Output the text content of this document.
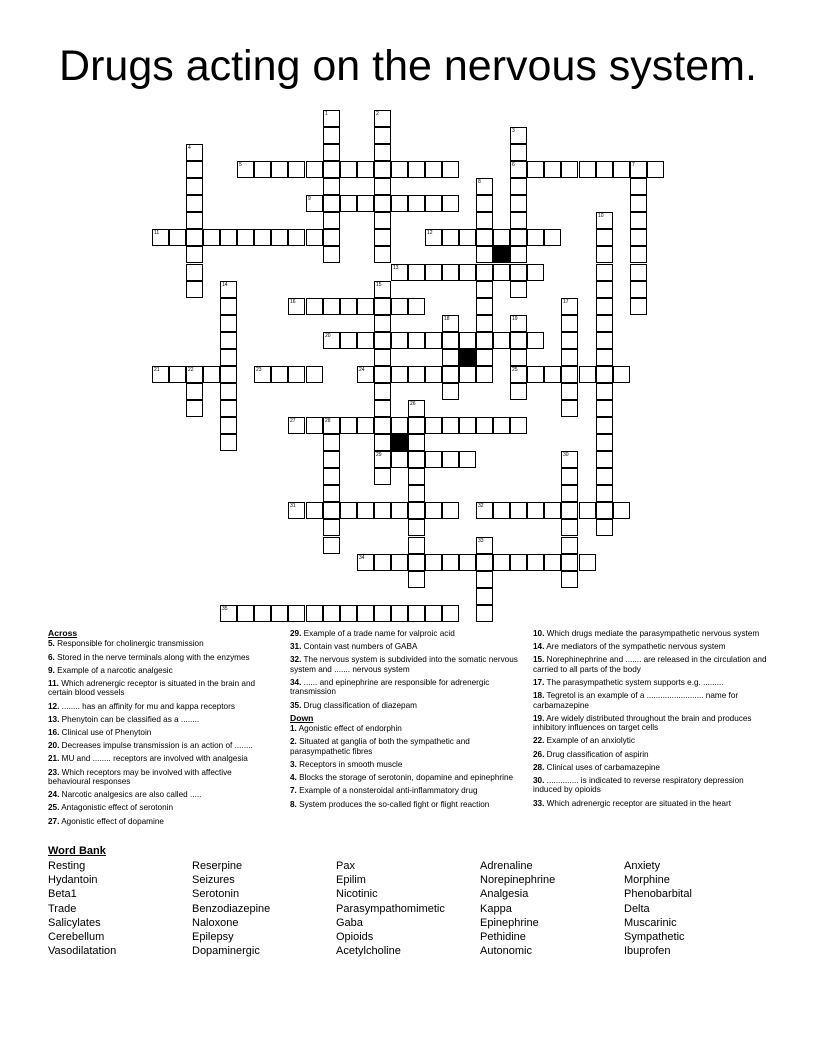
Drugs acting on the nervous system.
5	6	7
9
11	12
13
16
20
21	22	23	24	25
27	28
29
31	32
34
35
1	2
3
4
8
10
14	15
17
18	19
26
30
33
Across
5. Responsible for cholinergic transmission
6. Stored in the nerve terminals along with the enzymes
9. Example of a narcotic analgesic
11. Which adrenergic receptor is situated in the brain and certain blood vessels
12. ........ has an affinity for mu and kappa receptors
13. Phenytoin can be classified as a ........
16. Clinical use of Phenytoin
20. Decreases impulse transmission is an action of ........
21. MU and ........ receptors are involved with analgesia
23. Which receptors may be involved with affective behavioural responses
24. Narcotic analgesics are also called .....
25. Antagonistic effect of serotonin
27. Agonistic effect of dopamine
29. Example of a trade name for valproic acid
31. Contain vast numbers of GABA
32. The nervous system is subdivided into the somatic nervous system and ....... nervous system
34. ...... and epinephrine are responsible for adrenergic transmission
35. Drug classification of diazepam
Down
1. Agonistic effect of endorphin
2. Situated at ganglia of both the sympathetic and parasympathetic fibres
3. Receptors in smooth muscle
4. Blocks the storage of serotonin, dopamine and epinephrine
7. Example of a nonsteroidal anti-inflammatory drug
8. System produces the so-called fight or flight reaction
10. Which drugs mediate the parasympathetic nervous system
14. Are mediators of the sympathetic nervous system
15. Norephinephrine and ....... are released in the circulation and carried to all parts of the body
17. The parasympathetic system supports e.g. .........
18. Tegretol is an example of a ......................... name for carbamazepine
19. Are widely distributed throughout the brain and produces inhibitory influences on target cells
22. Example of an anxiolytic
26. Drug classification of aspirin
28. Clinical uses of carbamazepine
30. .............. is indicated to reverse respiratory depression induced by opioids
33. Which adrenergic receptor are situated in the heart
Word Bank
Resting
Hydantoin
Beta1
Trade
Salicylates
Cerebellum
Vasodilatation
Reserpine
Seizures
Serotonin
Benzodiazepine
Naloxone
Epilepsy
Dopaminergic
Pax
Epilim
Nicotinic
Parasympathomimetic
Gaba
Opioids
Acetylcholine
Adrenaline
Norepinephrine
Analgesia
Kappa
Epinephrine
Pethidine
Autonomic
Anxiety
Morphine
Phenobarbital
Delta
Muscarinic
Sympathetic
Ibuprofen
